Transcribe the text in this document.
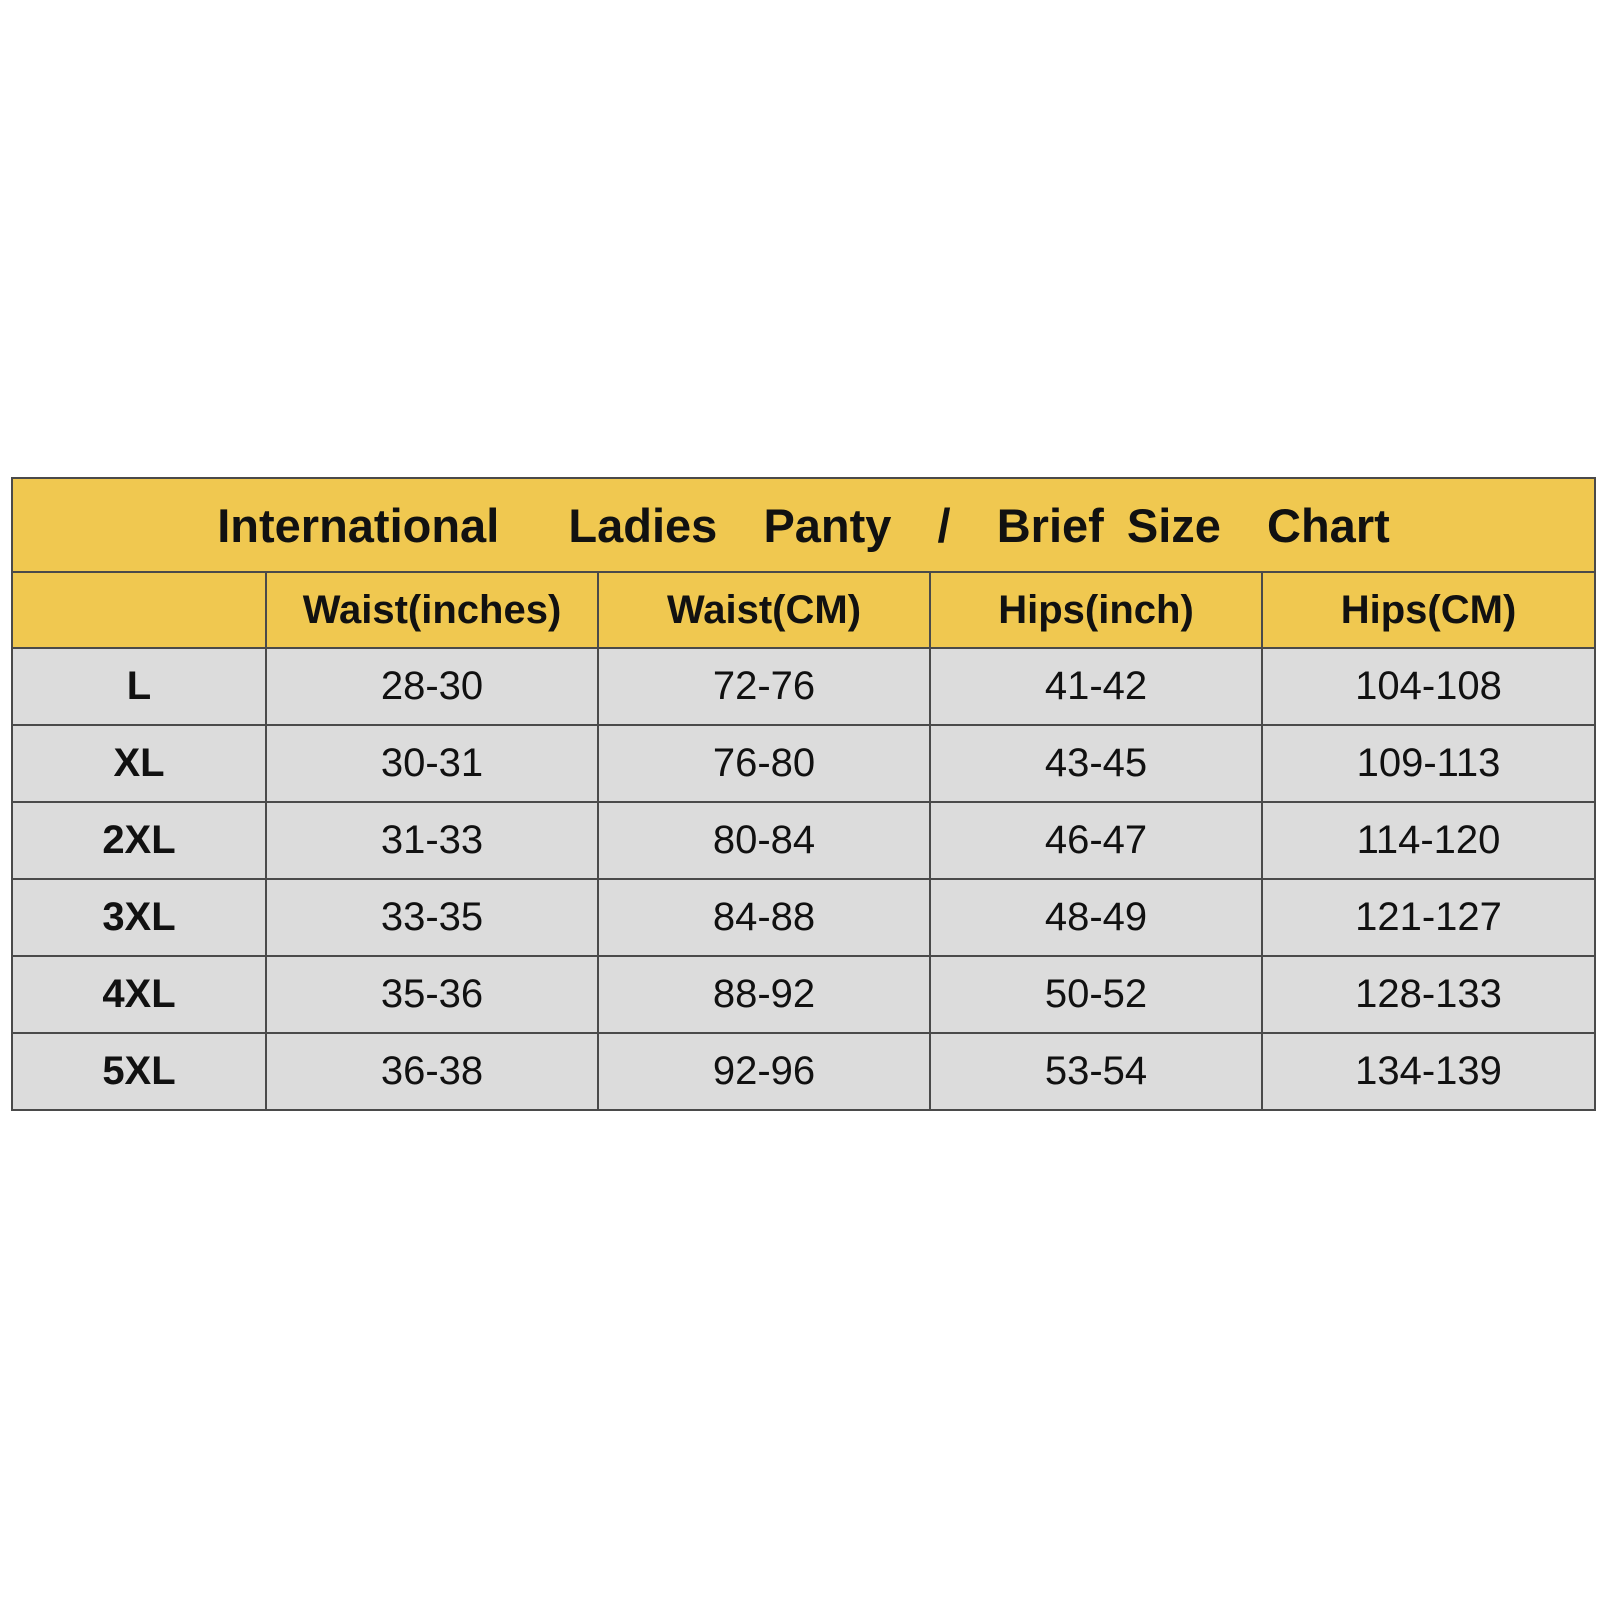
International   Ladies  Panty  /  Brief Size  Chart				
	Waist(inches)	Waist(CM)	Hips(inch)	Hips(CM)
L	28-30	72-76	41-42	104-108
XL	30-31	76-80	43-45	109-113
2XL	31-33	80-84	46-47	114-120
3XL	33-35	84-88	48-49	121-127
4XL	35-36	88-92	50-52	128-133
5XL	36-38	92-96	53-54	134-139
